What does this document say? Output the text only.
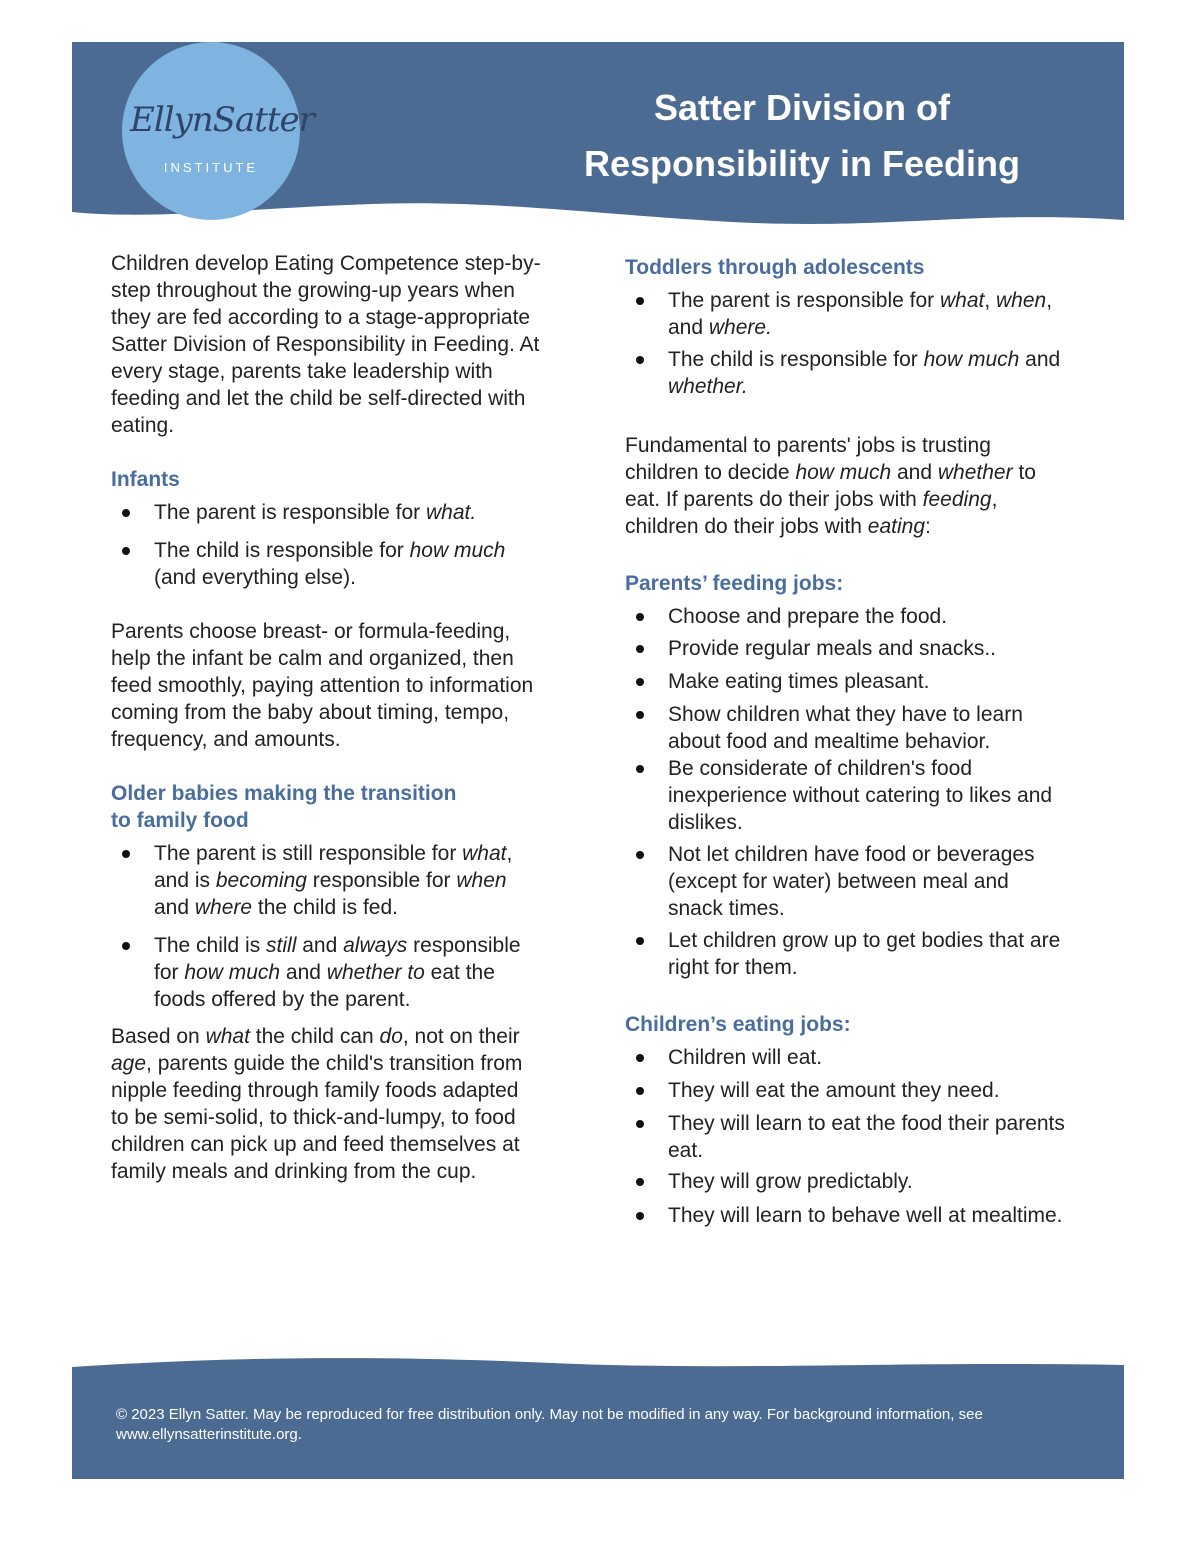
EllynSatter
INSTITUTE
Satter Division of
Responsibility in Feeding

Children develop Eating Competence step-by-step throughout the growing-up years when they are fed according to a stage-appropriate Satter Division of Responsibility in Feeding. At every stage, parents take leadership with feeding and let the child be self-directed with eating.

Infants
The parent is responsible for what.
The child is responsible for how much (and everything else).

Parents choose breast- or formula-feeding, help the infant be calm and organized, then feed smoothly, paying attention to information coming from the baby about timing, tempo, frequency, and amounts.

Older babies making the transition
to family food
The parent is still responsible for what, and is becoming responsible for when and where the child is fed.
The child is still and always responsible for how much and whether to eat the foods offered by the parent.

Based on what the child can do, not on their age, parents guide the child's transition from nipple feeding through family foods adapted to be semi-solid, to thick-and-lumpy, to food children can pick up and feed themselves at family meals and drinking from the cup.

Toddlers through adolescents
The parent is responsible for what, when, and where.
The child is responsible for how much and whether.

Fundamental to parents' jobs is trusting children to decide how much and whether to eat. If parents do their jobs with feeding, children do their jobs with eating:

Parents’ feeding jobs:
Choose and prepare the food.
Provide regular meals and snacks..
Make eating times pleasant.
Show children what they have to learn about food and mealtime behavior.
Be considerate of children's food inexperience without catering to likes and dislikes.
Not let children have food or beverages (except for water) between meal and snack times.
Let children grow up to get bodies that are right for them.
Children’s eating jobs:
Children will eat.
They will eat the amount they need.
They will learn to eat the food their parents eat.
They will grow predictably.
They will learn to behave well at mealtime.
© 2023 Ellyn Satter. May be reproduced for free distribution only. May not be modified in any way. For background information, see www.ellynsatterinstitute.org.
